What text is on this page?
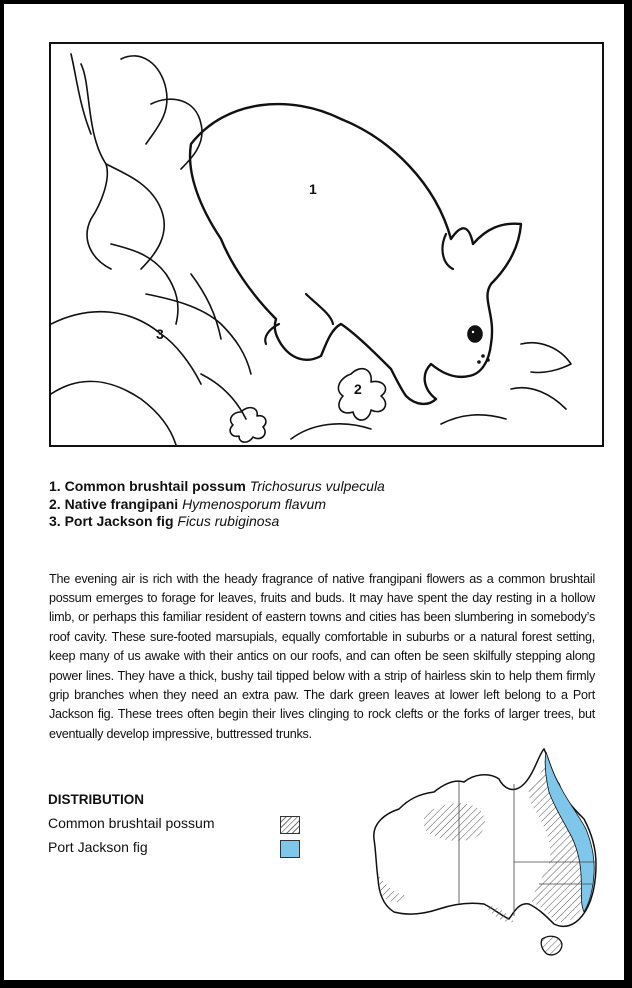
1
2
3
1. Common brushtail possum Trichosurus vulpecula
2. Native frangipani Hymenosporum flavum
3. Port Jackson fig Ficus rubiginosa

The evening air is rich with the heady fragrance of native frangipani flowers as a common brushtail possum emerges to forage for leaves, fruits and buds. It may have spent the day resting in a hollow limb, or perhaps this familiar resident of eastern towns and cities has been slumbering in somebody’s roof cavity. These sure-footed marsupials, equally comfortable in suburbs or a natural forest setting, keep many of us awake with their antics on our roofs, and can often be seen skilfully stepping along power lines. They have a thick, bushy tail tipped below with a strip of hairless skin to help them firmly grip branches when they need an extra paw. The dark green leaves at lower left belong to a Port Jackson fig. These trees often begin their lives clinging to rock clefts or the forks of larger trees, but eventually develop impressive, buttressed trunks.

DISTRIBUTION
Common brushtail possum
Port Jackson fig
